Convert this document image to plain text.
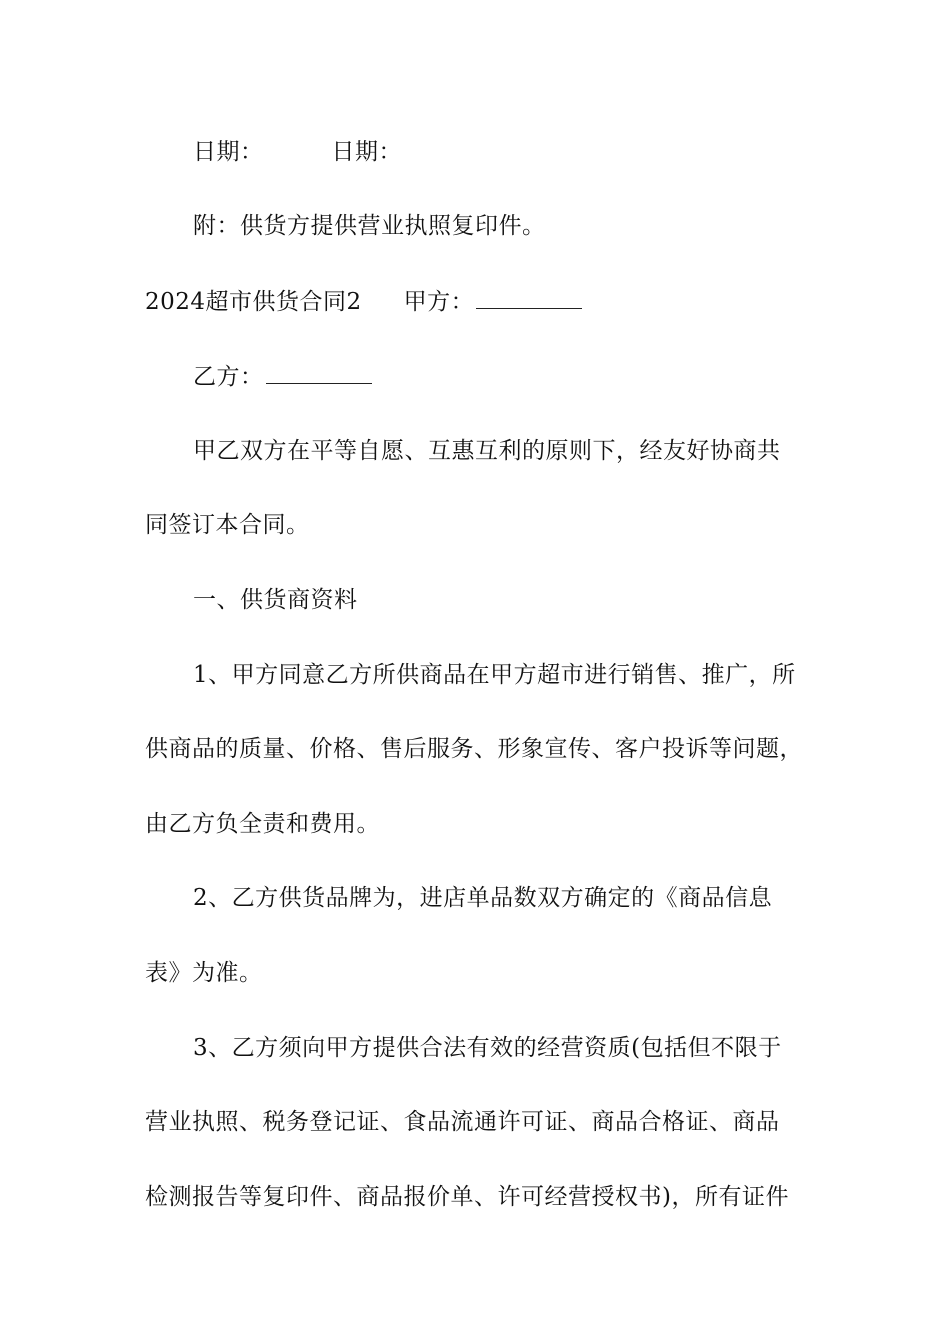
日期：	日期：
附：供货方提供营业执照复印件。
2024超市供货合同2 甲方：
乙方：
甲乙双方在平等自愿、互惠互利的原则下，经友好协商共
同签订本合同。
一、供货商资料
1、甲方同意乙方所供商品在甲方超市进行销售、推广，所
供商品的质量、价格、售后服务、形象宣传、客户投诉等问题，
由乙方负全责和费用。
2、乙方供货品牌为，进店单品数双方确定的《商品信息
表》为准。
3、乙方须向甲方提供合法有效的经营资质(包括但不限于
营业执照、税务登记证、食品流通许可证、商品合格证、商品
检测报告等复印件、商品报价单、许可经营授权书)，所有证件
